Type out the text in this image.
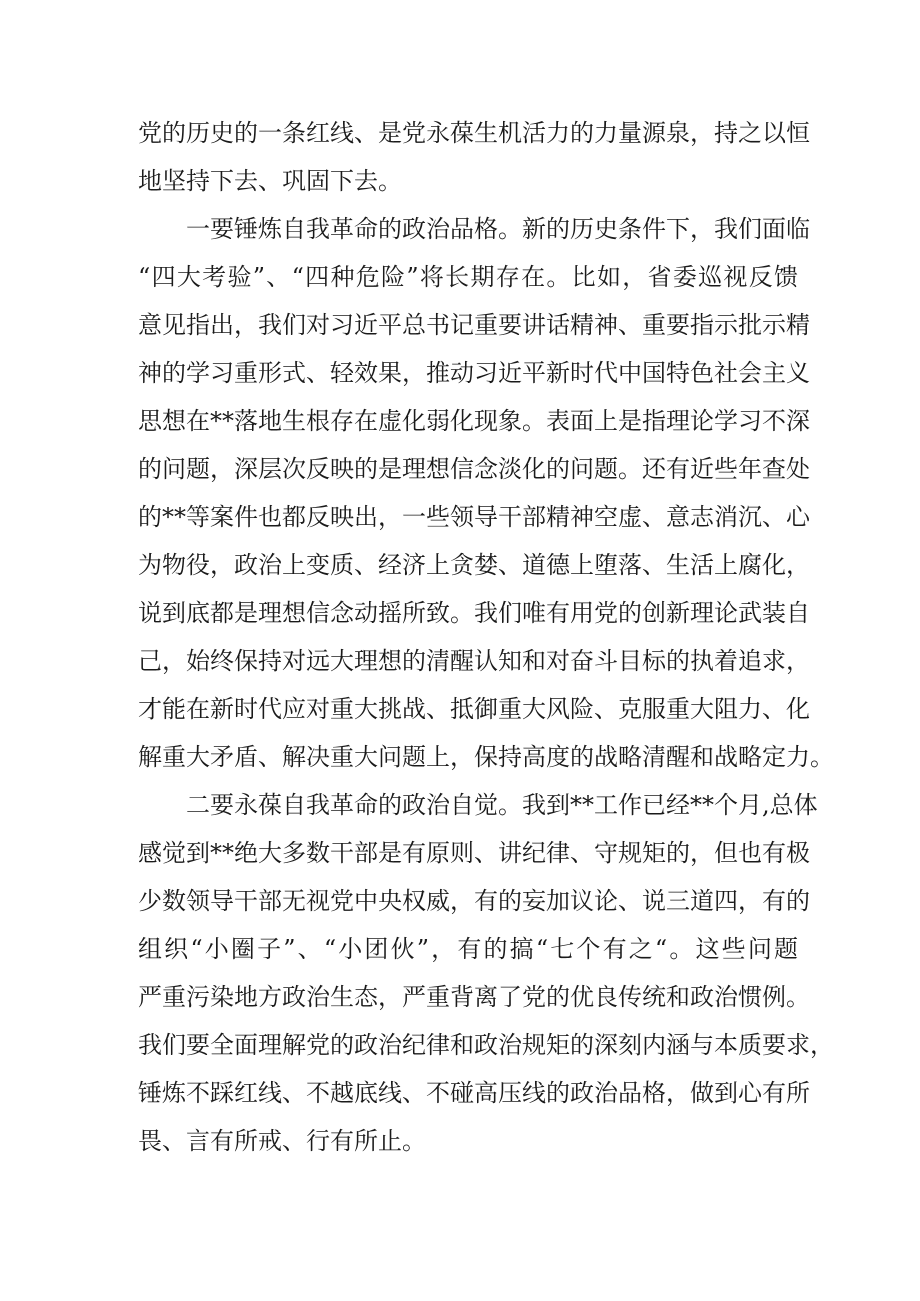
党的历史的一条红线、是党永葆生机活力的力量源泉，持之以恒
地坚持下去、巩固下去。
一要锤炼自我革命的政治品格。新的历史条件下，我们面临
“四大考验”、“四种危险”将长期存在。比如，省委巡视反馈
意见指出，我们对习近平总书记重要讲话精神、重要指示批示精
神的学习重形式、轻效果，推动习近平新时代中国特色社会主义
思想在**落地生根存在虚化弱化现象。表面上是指理论学习不深
的问题，深层次反映的是理想信念淡化的问题。还有近些年查处
的**等案件也都反映出，一些领导干部精神空虚、意志消沉、心
为物役，政治上变质、经济上贪婪、道德上堕落、生活上腐化，
说到底都是理想信念动摇所致。我们唯有用党的创新理论武装自
己，始终保持对远大理想的清醒认知和对奋斗目标的执着追求，
才能在新时代应对重大挑战、抵御重大风险、克服重大阻力、化
解重大矛盾、解决重大问题上，保持高度的战略清醒和战略定力。
二要永葆自我革命的政治自觉。我到**工作已经**个月,总体
感觉到**绝大多数干部是有原则、讲纪律、守规矩的，但也有极
少数领导干部无视党中央权威，有的妄加议论、说三道四，有的
组织“小圈子”、“小团伙”，有的搞“七个有之“。这些问题
严重污染地方政治生态，严重背离了党的优良传统和政治惯例。
我们要全面理解党的政治纪律和政治规矩的深刻内涵与本质要求，
锤炼不踩红线、不越底线、不碰高压线的政治品格，做到心有所
畏、言有所戒、行有所止。
